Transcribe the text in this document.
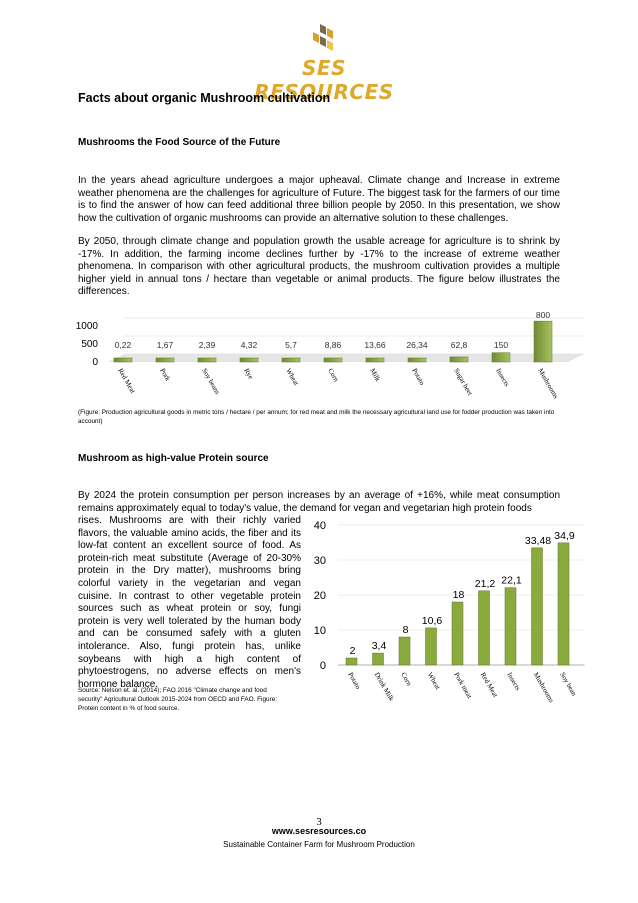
SES RESOURCES
Facts about organic Mushroom cultivation
Mushrooms the Food Source of the Future
In the years ahead agriculture undergoes a major upheaval. Climate change and Increase in extreme weather phenomena are the challenges for agriculture of Future. The biggest task for the farmers of our time is to find the answer of how can feed additional three billion people by 2050. In this presentation, we show how the cultivation of organic mushrooms can provide an alternative solution to these challenges.
By 2050, through climate change and population growth the usable acreage for agriculture is to shrink by -17%. In addition, the farming income declines further by -17% to the increase of extreme weather phenomena. In comparison with other agricultural products, the mushroom cultivation provides a multiple higher yield in annual tons / hectare than vegetable or animal products. The figure below illustrates the differences.
0
500
1000
0,22	1,67	2,39	4,32	5,7	8,86	13,66 26,34	62,8	150
800
Red Meat	Pork	Soy beans	Rye	Wheat	Corn	Milk	Potato	Sugar beet	Insects	Mushrooms
(Figure: Production agricultural goods in metric tons / hectare / per annum; for red meat and milk the necessary agricultural land use for fodder production was taken into account)
Mushroom as high-value Protein source
By 2024 the protein consumption per person increases by an average of +16%, while meat consumption remains approximately equal to today's value, the demand for vegan and vegetarian high protein foods
rises. Mushrooms are with their richly varied flavors, the valuable amino acids, the fiber and its low-fat content an excellent source of food. As protein-rich meat substitute (Average of 20-30% protein in the Dry matter), mushrooms bring colorful variety in the vegetarian and vegan cuisine. In contrast to other vegetable protein sources such as wheat protein or soy, fungi protein is very well tolerated by the human body and can be consumed safely with a gluten intolerance. Also, fungi protein has, unlike soybeans with high a high content of phytoestrogens, no adverse effects on men's hormone balance.
Source: Nelson et. al. (2014); FAO 2016 "Climate change and food security" Agricultural Outlook 2015-2024 from OECD and FAO. Figure: Protein content in % of food source.
0
10
20
30
40
2 3,4
8
10,6
18
21,2 22,1
33,48 34,9
Potato Drink Milk Corn Wheat Pork meat Red Meat Insects Mushrooms Soy bean
3
www.sesresources.co
Sustainable Container Farm for Mushroom Production
